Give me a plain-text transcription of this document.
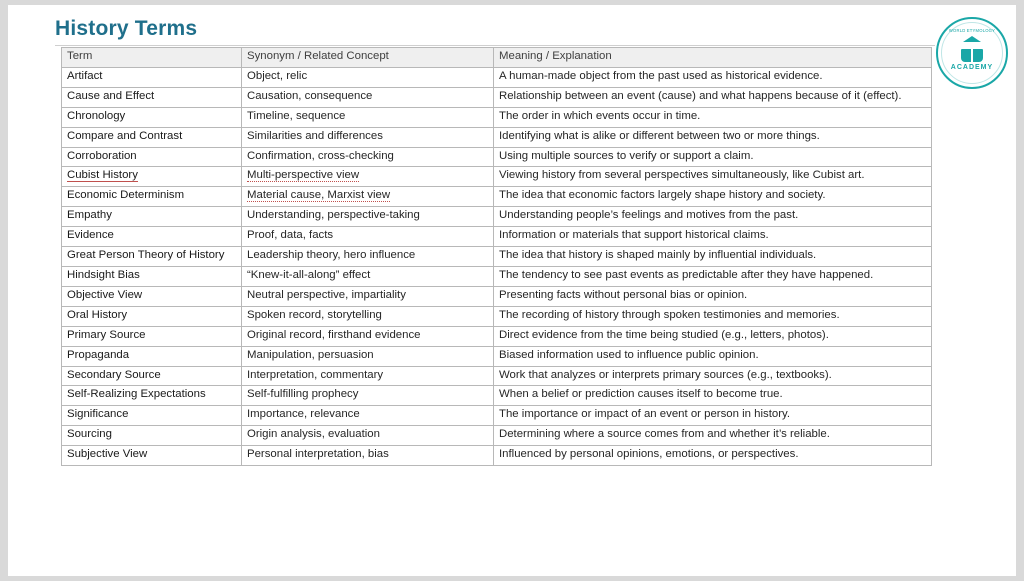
History Terms	WORLD ETYMOLOGY
ACADEMY
Term	Synonym / Related Concept	Meaning / Explanation
Artifact	Object, relic	A human-made object from the past used as historical evidence.
Cause and Effect	Causation, consequence	Relationship between an event (cause) and what happens because of it (effect).
Chronology	Timeline, sequence	The order in which events occur in time.
Compare and Contrast	Similarities and differences	Identifying what is alike or different between two or more things.
Corroboration	Confirmation, cross-checking	Using multiple sources to verify or support a claim.
Cubist History	Multi-perspective view	Viewing history from several perspectives simultaneously, like Cubist art.
Economic Determinism	Material cause, Marxist view	The idea that economic factors largely shape history and society.
Empathy	Understanding, perspective-taking	Understanding people’s feelings and motives from the past.
Evidence	Proof, data, facts	Information or materials that support historical claims.
Great Person Theory of History	Leadership theory, hero influence	The idea that history is shaped mainly by influential individuals.
Hindsight Bias	“Knew-it-all-along” effect	The tendency to see past events as predictable after they have happened.
Objective View	Neutral perspective, impartiality	Presenting facts without personal bias or opinion.
Oral History	Spoken record, storytelling	The recording of history through spoken testimonies and memories.
Primary Source	Original record, firsthand evidence	Direct evidence from the time being studied (e.g., letters, photos).
Propaganda	Manipulation, persuasion	Biased information used to influence public opinion.
Secondary Source	Interpretation, commentary	Work that analyzes or interprets primary sources (e.g., textbooks).
Self-Realizing Expectations	Self-fulfilling prophecy	When a belief or prediction causes itself to become true.
Significance	Importance, relevance	The importance or impact of an event or person in history.
Sourcing	Origin analysis, evaluation	Determining where a source comes from and whether it’s reliable.
Subjective View	Personal interpretation, bias	Influenced by personal opinions, emotions, or perspectives.
